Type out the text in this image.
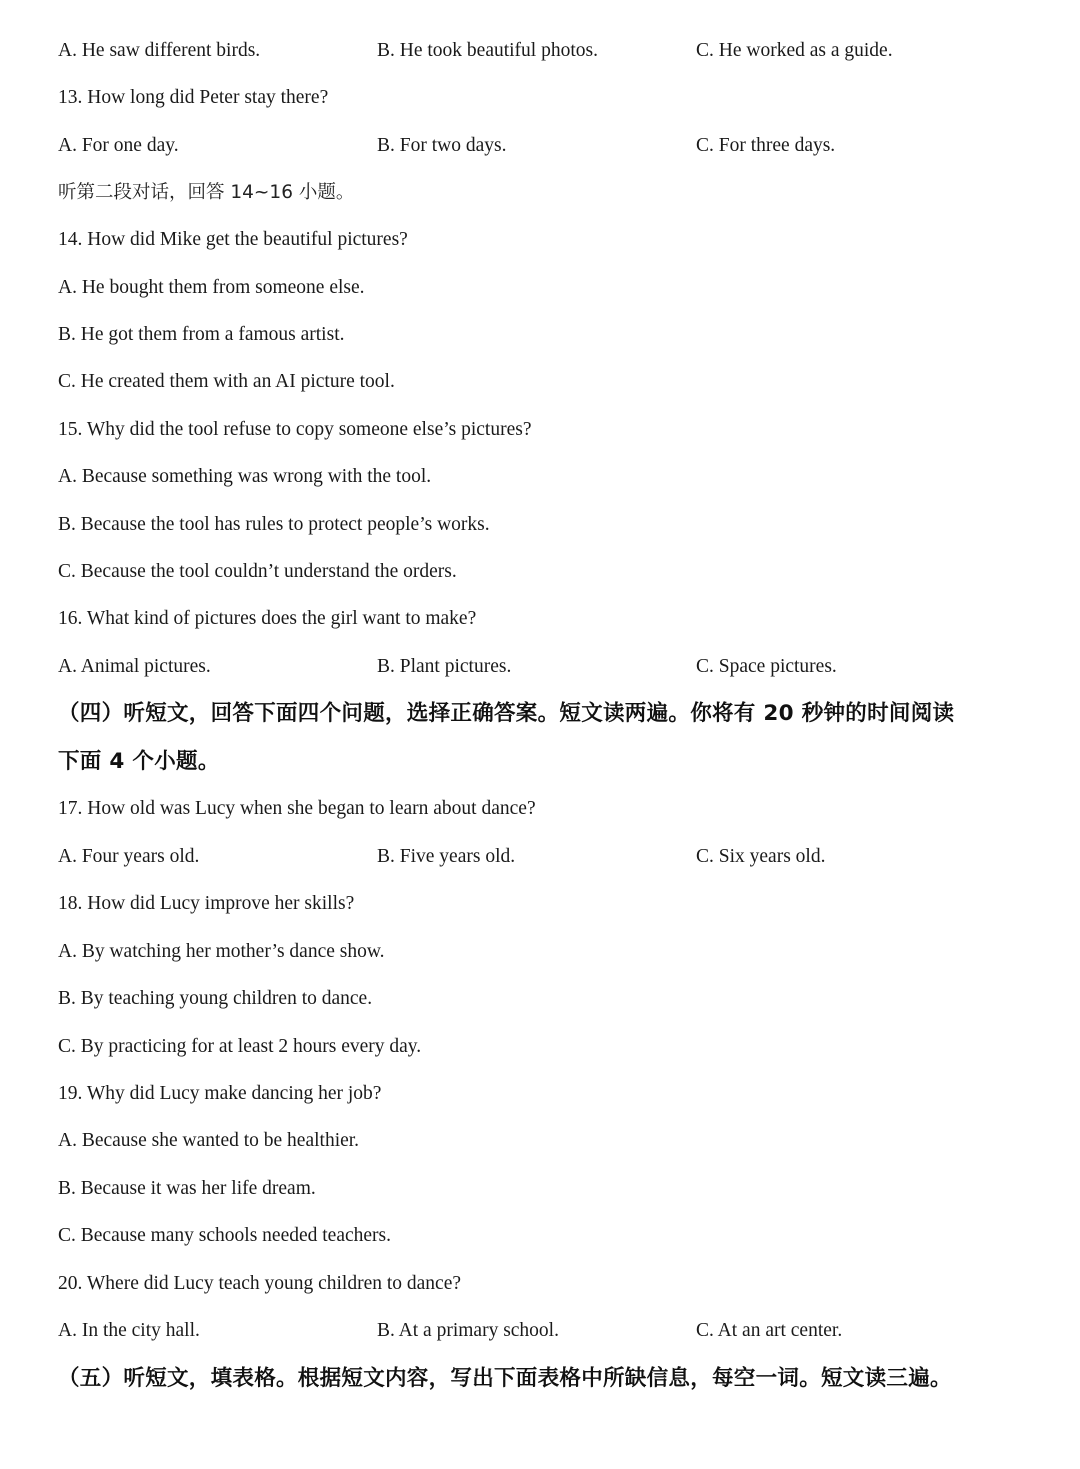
A. He saw different birds.	B. He took beautiful photos.	C. He worked as a guide.
13. How long did Peter stay there?
A. For one day.	B. For two days.	C. For three days.
听第二段对话，回答 14~16 小题。
14. How did Mike get the beautiful pictures?
A. He bought them from someone else.
B. He got them from a famous artist.
C. He created them with an AI picture tool.
15. Why did the tool refuse to copy someone else’s pictures?
A. Because something was wrong with the tool.
B. Because the tool has rules to protect people’s works.
C. Because the tool couldn’t understand the orders.
16. What kind of pictures does the girl want to make?
A. Animal pictures.	B. Plant pictures.	C. Space pictures.
（四）听短文，回答下面四个问题，选择正确答案。短文读两遍。你将有 20 秒钟的时间阅读
下面 4 个小题。
17. How old was Lucy when she began to learn about dance?
A. Four years old.	B. Five years old.	C. Six years old.
18. How did Lucy improve her skills?
A. By watching her mother’s dance show.
B. By teaching young children to dance.
C. By practicing for at least 2 hours every day.
19. Why did Lucy make dancing her job?
A. Because she wanted to be healthier.
B. Because it was her life dream.
C. Because many schools needed teachers.
20. Where did Lucy teach young children to dance?
A. In the city hall.	B. At a primary school.	C. At an art center.
（五）听短文，填表格。根据短文内容，写出下面表格中所缺信息，每空一词。短文读三遍。
